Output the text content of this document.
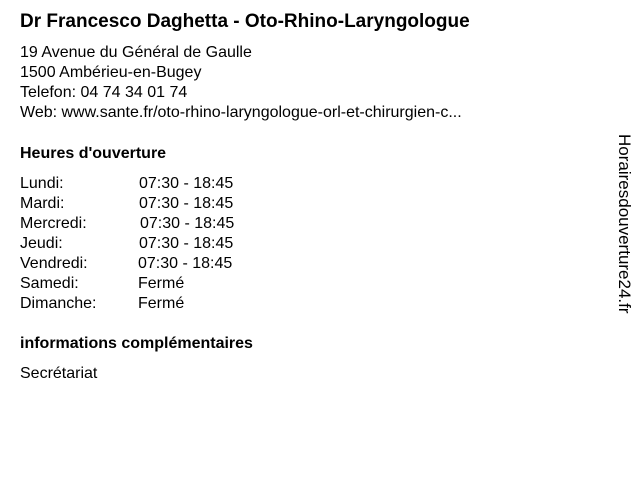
Dr Francesco Daghetta - Oto-Rhino-Laryngologue
19 Avenue du Général de Gaulle
1500 Ambérieu-en-Bugey
Telefon: 04 74 34 01 74
Web: www.sante.fr/oto-rhino-laryngologue-orl-et-chirurgien-c...
Heures d'ouverture
Lundi:	07:30 - 18:45
Mardi:	07:30 - 18:45
Mercredi:	07:30 - 18:45
Jeudi:	07:30 - 18:45
Vendredi:	07:30 - 18:45
Samedi:	Fermé
Dimanche:	Fermé
informations complémentaires
Secrétariat
Horairesdouverture24.fr
